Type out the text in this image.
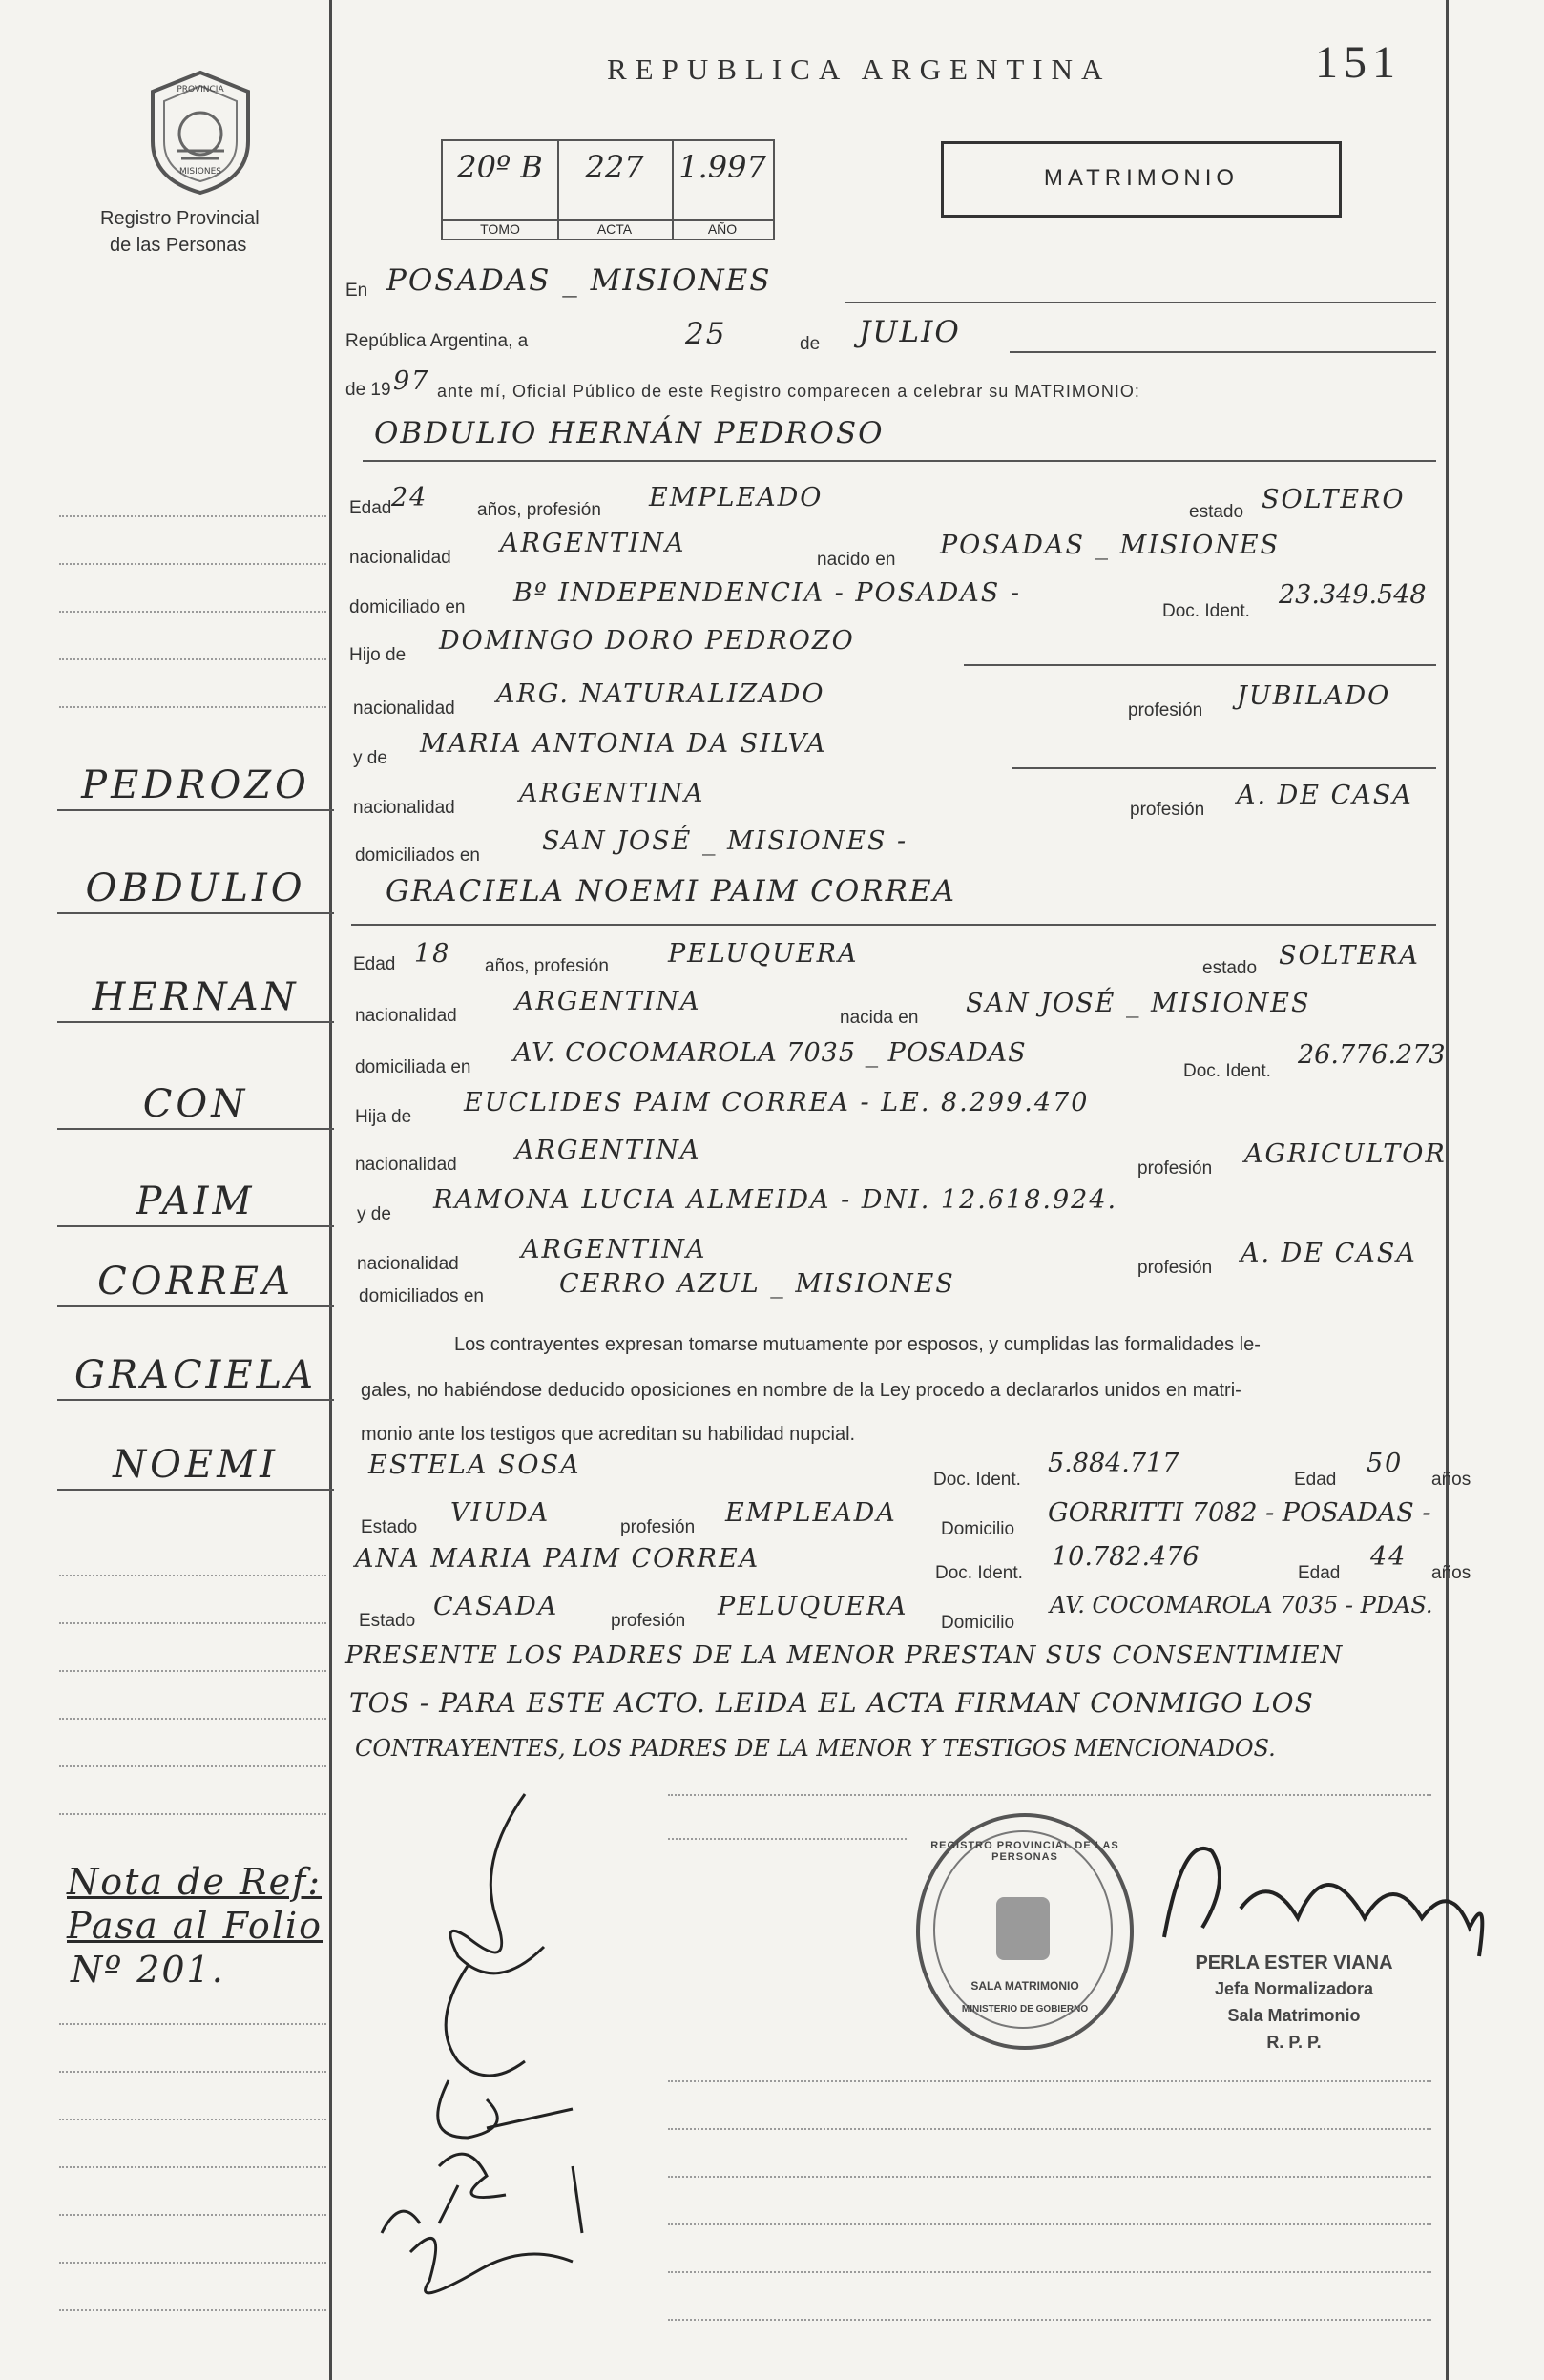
PROVINCIA
MISIONES
Registro Provincial
de las Personas
REPUBLICA ARGENTINA	151
20º B
TOMO
227
ACTA
1.997
AÑO
MATRIMONIO
En POSADAS _ MISIONES
República Argentina, a	25	de JULIO
de 19 97 ante mí, Oficial Público de este Registro comparecen a celebrar su MATRIMONIO:
OBDULIO HERNÁN PEDROSO
Edad 24	años, profesión EMPLEADO	estado SOLTERO
nacionalidad ARGENTINA
nacido en POSADAS _ MISIONES
domiciliado en Bº INDEPENDENCIA - POSADAS -
Doc. Ident.
23.349.548
Hijo de DOMINGO DORO PEDROZO
nacionalidad ARG. NATURALIZADO
profesión JUBILADO
y de MARIA ANTONIA DA SILVA
nacionalidad ARGENTINA
profesión A. DE CASA
domiciliados en SAN JOSÉ _ MISIONES -
GRACIELA NOEMI PAIM CORREA
Edad 18 años, profesión PELUQUERA	estado SOLTERA
nacionalidad ARGENTINA
nacida en SAN JOSÉ _ MISIONES
domiciliada en AV. COCOMAROLA 7035 _ POSADAS
Doc. Ident.
26.776.273
Hija de EUCLIDES PAIM CORREA - LE. 8.299.470
nacionalidad ARGENTINA
profesión AGRICULTOR
y de RAMONA LUCIA ALMEIDA - DNI. 12.618.924.
nacionalidad ARGENTINA
profesión A. DE CASA
domiciliados en	CERRO AZUL _ MISIONES
Los contrayentes expresan tomarse mutuamente por esposos, y cumplidas las formalidades le-
gales, no habiéndose deducido oposiciones en nombre de la Ley procedo a declararlos unidos en matri-
monio ante los testigos que acreditan su habilidad nupcial.
ESTELA SOSA	Doc. Ident.
5.884.717
Edad
50
años
Estado VIUDA	profesión EMPLEADA
Domicilio
GORRITTI 7082 - POSADAS -
ANA MARIA PAIM CORREA	Doc. Ident.
10.782.476
Edad
44
años
Estado CASADA	profesión PELUQUERA
Domicilio
AV. COCOMAROLA 7035 - PDAS.
PRESENTE LOS PADRES DE LA MENOR PRESTAN SUS CONSENTIMIEN
TOS - PARA ESTE ACTO. LEIDA EL ACTA FIRMAN CONMIGO LOS
CONTRAYENTES, LOS PADRES DE LA MENOR Y TESTIGOS MENCIONADOS.
PEDROZO
OBDULIO
HERNAN
CON
PAIM
CORREA
GRACIELA
NOEMI
Nota de Ref:
Pasa al Folio
Nº 201.
REGISTRO PROVINCIAL DE LAS PERSONAS
SALA MATRIMONIO
MINISTERIO DE GOBIERNO
PERLA ESTER VIANA
Jefa Normalizadora
Sala Matrimonio
R. P. P.
